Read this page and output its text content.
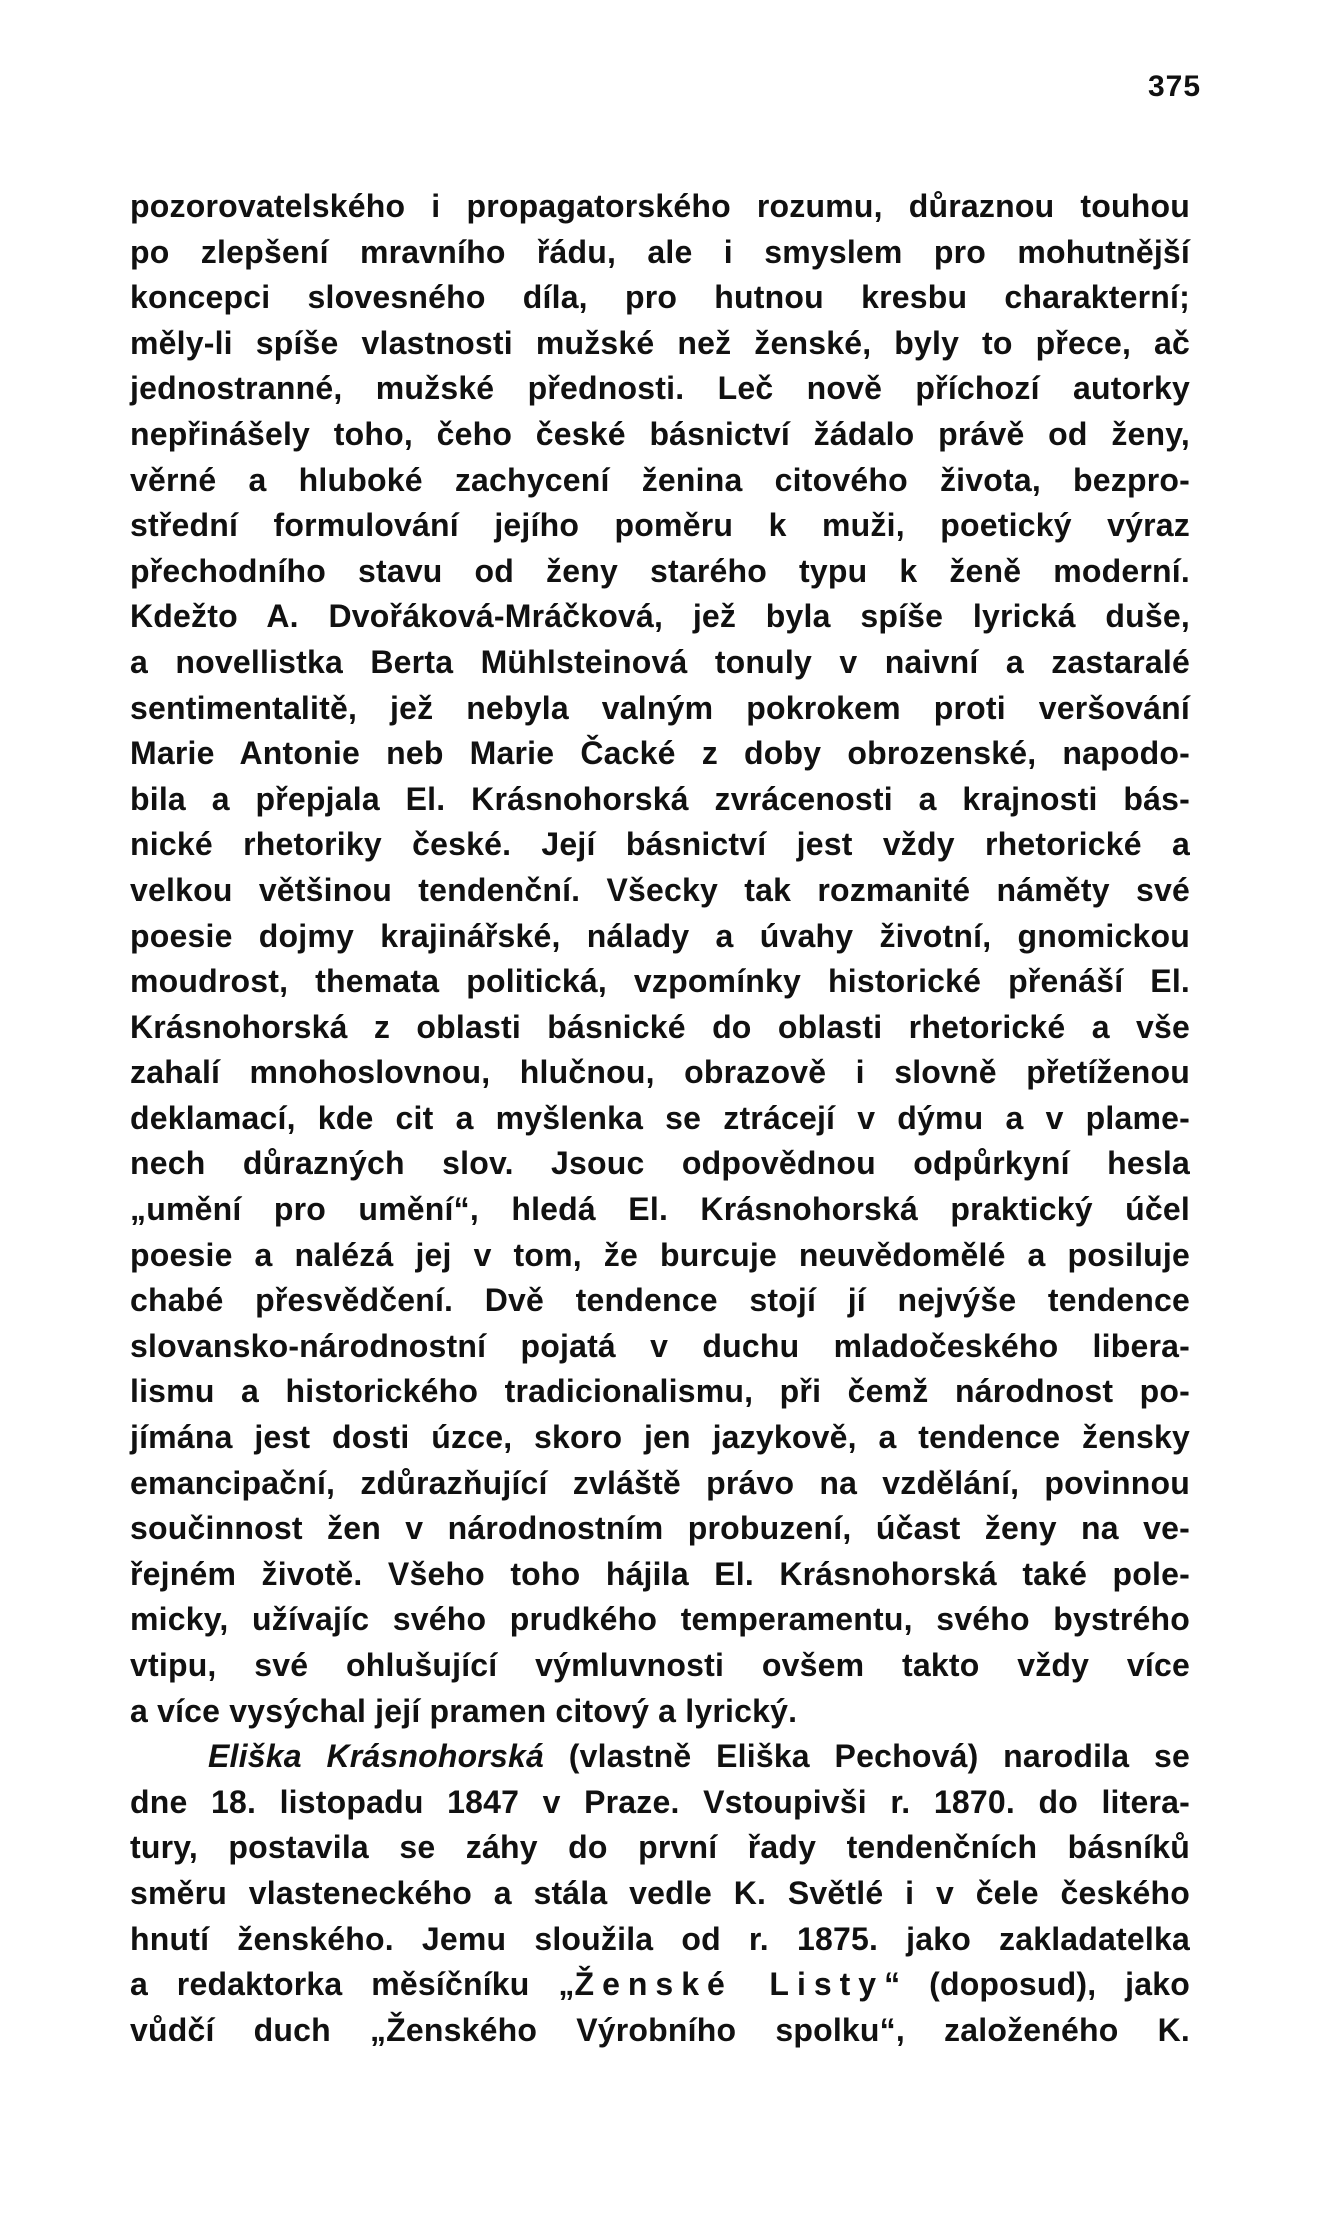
375
pozorovatelského i propagatorského rozumu, důraznou touhou
po zlepšení mravního řádu, ale i smyslem pro mohutnější
koncepci slovesného díla, pro hutnou kresbu charakterní;
měly-li spíše vlastnosti mužské než ženské, byly to přece, ač
jednostranné, mužské přednosti. Leč nově příchozí autorky
nepřinášely toho, čeho české básnictví žádalo právě od ženy,
věrné a hluboké zachycení ženina citového života, bezpro-
střední formulování jejího poměru k muži, poetický výraz
přechodního stavu od ženy starého typu k ženě moderní.
Kdežto A. Dvořáková-Mráčková, jež byla spíše lyrická duše,
a novellistka Berta Mühlsteinová tonuly v naivní a zastaralé
sentimentalitě, jež nebyla valným pokrokem proti veršování
Marie Antonie neb Marie Čacké z doby obrozenské, napodo-
bila a přepjala El. Krásnohorská zvrácenosti a krajnosti bás-
nické rhetoriky české. Její básnictví jest vždy rhetorické a
velkou většinou tendenční. Všecky tak rozmanité náměty své
poesie dojmy krajinářské, nálady a úvahy životní, gnomickou
moudrost, themata politická, vzpomínky historické přenáší El.
Krásnohorská z oblasti básnické do oblasti rhetorické a vše
zahalí mnohoslovnou, hlučnou, obrazově i slovně přetíženou
deklamací, kde cit a myšlenka se ztrácejí v dýmu a v plame-
nech důrazných slov. Jsouc odpovědnou odpůrkyní hesla
„umění pro umění“, hledá El. Krásnohorská praktický účel
poesie a nalézá jej v tom, že burcuje neuvědomělé a posiluje
chabé přesvědčení. Dvě tendence stojí jí nejvýše tendence
slovansko-národnostní pojatá v duchu mladočeského libera-
lismu a historického tradicionalismu, při čemž národnost po-
jímána jest dosti úzce, skoro jen jazykově, a tendence žensky
emancipační, zdůrazňující zvláště právo na vzdělání, povinnou
součinnost žen v národnostním probuzení, účast ženy na ve-
řejném životě. Všeho toho hájila El. Krásnohorská také pole-
micky, užívajíc svého prudkého temperamentu, svého bystrého
vtipu, své ohlušující výmluvnosti ovšem takto vždy více
a více vysýchal její pramen citový a lyrický.
Eliška Krásnohorská (vlastně Eliška Pechová) narodila se
dne 18. listopadu 1847 v Praze. Vstoupivši r. 1870. do litera-
tury, postavila se záhy do první řady tendenčních básníků
směru vlasteneckého a stála vedle K. Světlé i v čele českého
hnutí ženského. Jemu sloužila od r. 1875. jako zakladatelka
a redaktorka měsíčníku „Ženské Listy“ (doposud), jako
vůdčí duch „Ženského Výrobního spolku“, založeného K.
